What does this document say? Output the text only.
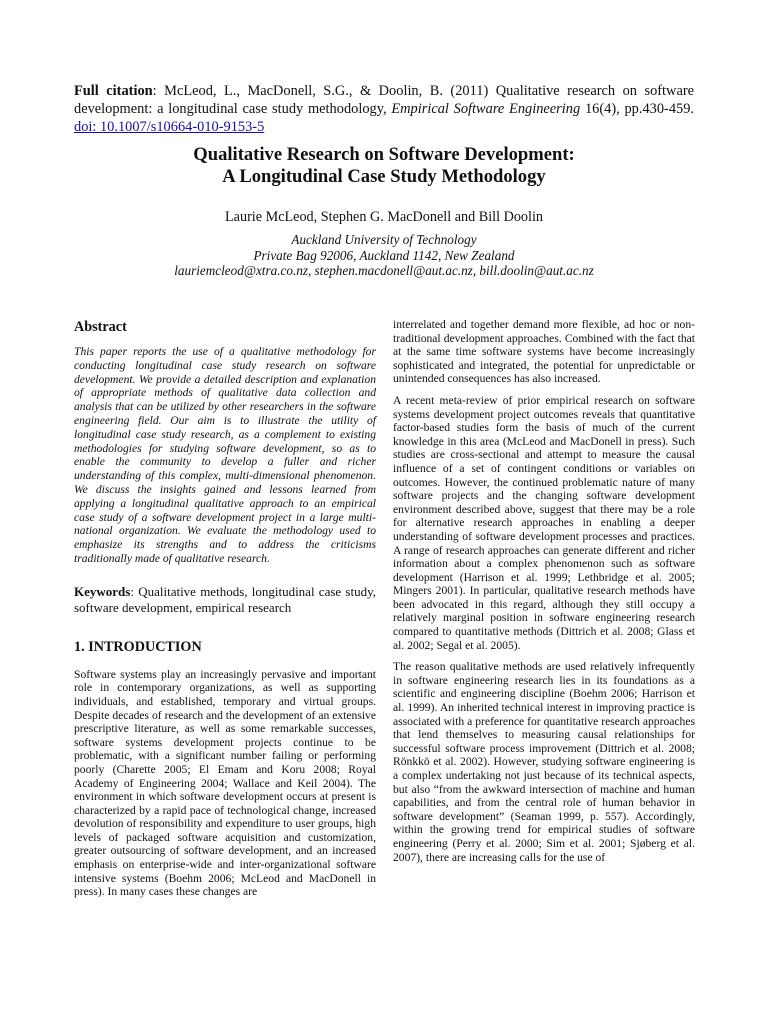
Full citation: McLeod, L., MacDonell, S.G., & Doolin, B. (2011) Qualitative research on software development: a longitudinal case study methodology, Empirical Software Engineering 16(4), pp.430-459. doi: 10.1007/s10664-010-9153-5

Qualitative Research on Software Development:
A Longitudinal Case Study Methodology
Laurie McLeod, Stephen G. MacDonell and Bill Doolin
Auckland University of Technology
Private Bag 92006, Auckland 1142, New Zealand
lauriemcleod@xtra.co.nz, stephen.macdonell@aut.ac.nz, bill.doolin@aut.ac.nz
Abstract

This paper reports the use of a qualitative methodology for conducting longitudinal case study research on software development. We provide a detailed description and explanation of appropriate methods of qualitative data collection and analysis that can be utilized by other researchers in the software engineering field. Our aim is to illustrate the utility of longitudinal case study research, as a complement to existing methodologies for studying software development, so as to enable the community to develop a fuller and richer understanding of this complex, multi-dimensional phenomenon. We discuss the insights gained and lessons learned from applying a longitudinal qualitative approach to an empirical case study of a software development project in a large multi-national organization. We evaluate the methodology used to emphasize its strengths and to address the criticisms traditionally made of qualitative research.

Keywords: Qualitative methods, longitudinal case study, software development, empirical research

1. INTRODUCTION

Software systems play an increasingly pervasive and important role in contemporary organizations, as well as supporting individuals, and established, temporary and virtual groups. Despite decades of research and the development of an extensive prescriptive literature, as well as some remarkable successes, software systems development projects continue to be problematic, with a significant number failing or performing poorly (Charette 2005; El Emam and Koru 2008; Royal Academy of Engineering 2004; Wallace and Keil 2004). The environment in which software development occurs at present is characterized by a rapid pace of technological change, increased devolution of responsibility and expenditure to user groups, high levels of packaged software acquisition and customization, greater outsourcing of software development, and an increased emphasis on enterprise-wide and inter-organizational software intensive systems (Boehm 2006; McLeod and MacDonell in press). In many cases these changes are

interrelated and together demand more flexible, ad hoc or non-traditional development approaches. Combined with the fact that at the same time software systems have become increasingly sophisticated and integrated, the potential for unpredictable or unintended consequences has also increased.

A recent meta-review of prior empirical research on software systems development project outcomes reveals that quantitative factor-based studies form the basis of much of the current knowledge in this area (McLeod and MacDonell in press). Such studies are cross-sectional and attempt to measure the causal influence of a set of contingent conditions or variables on outcomes. However, the continued problematic nature of many software projects and the changing software development environment described above, suggest that there may be a role for alternative research approaches in enabling a deeper understanding of software development processes and practices. A range of research approaches can generate different and richer information about a complex phenomenon such as software development (Harrison et al. 1999; Lethbridge et al. 2005; Mingers 2001). In particular, qualitative research methods have been advocated in this regard, although they still occupy a relatively marginal position in software engineering research compared to quantitative methods (Dittrich et al. 2008; Glass et al. 2002; Segal et al. 2005).

The reason qualitative methods are used relatively infrequently in software engineering research lies in its foundations as a scientific and engineering discipline (Boehm 2006; Harrison et al. 1999). An inherited technical interest in improving practice is associated with a preference for quantitative research approaches that lend themselves to measuring causal relationships for successful software process improvement (Dittrich et al. 2008; Rönkkö et al. 2002). However, studying software engineering is a complex undertaking not just because of its technical aspects, but also “from the awkward intersection of machine and human capabilities, and from the central role of human behavior in software development” (Seaman 1999, p. 557). Accordingly, within the growing trend for empirical studies of software engineering (Perry et al. 2000; Sim et al. 2001; Sjøberg et al. 2007), there are increasing calls for the use of
